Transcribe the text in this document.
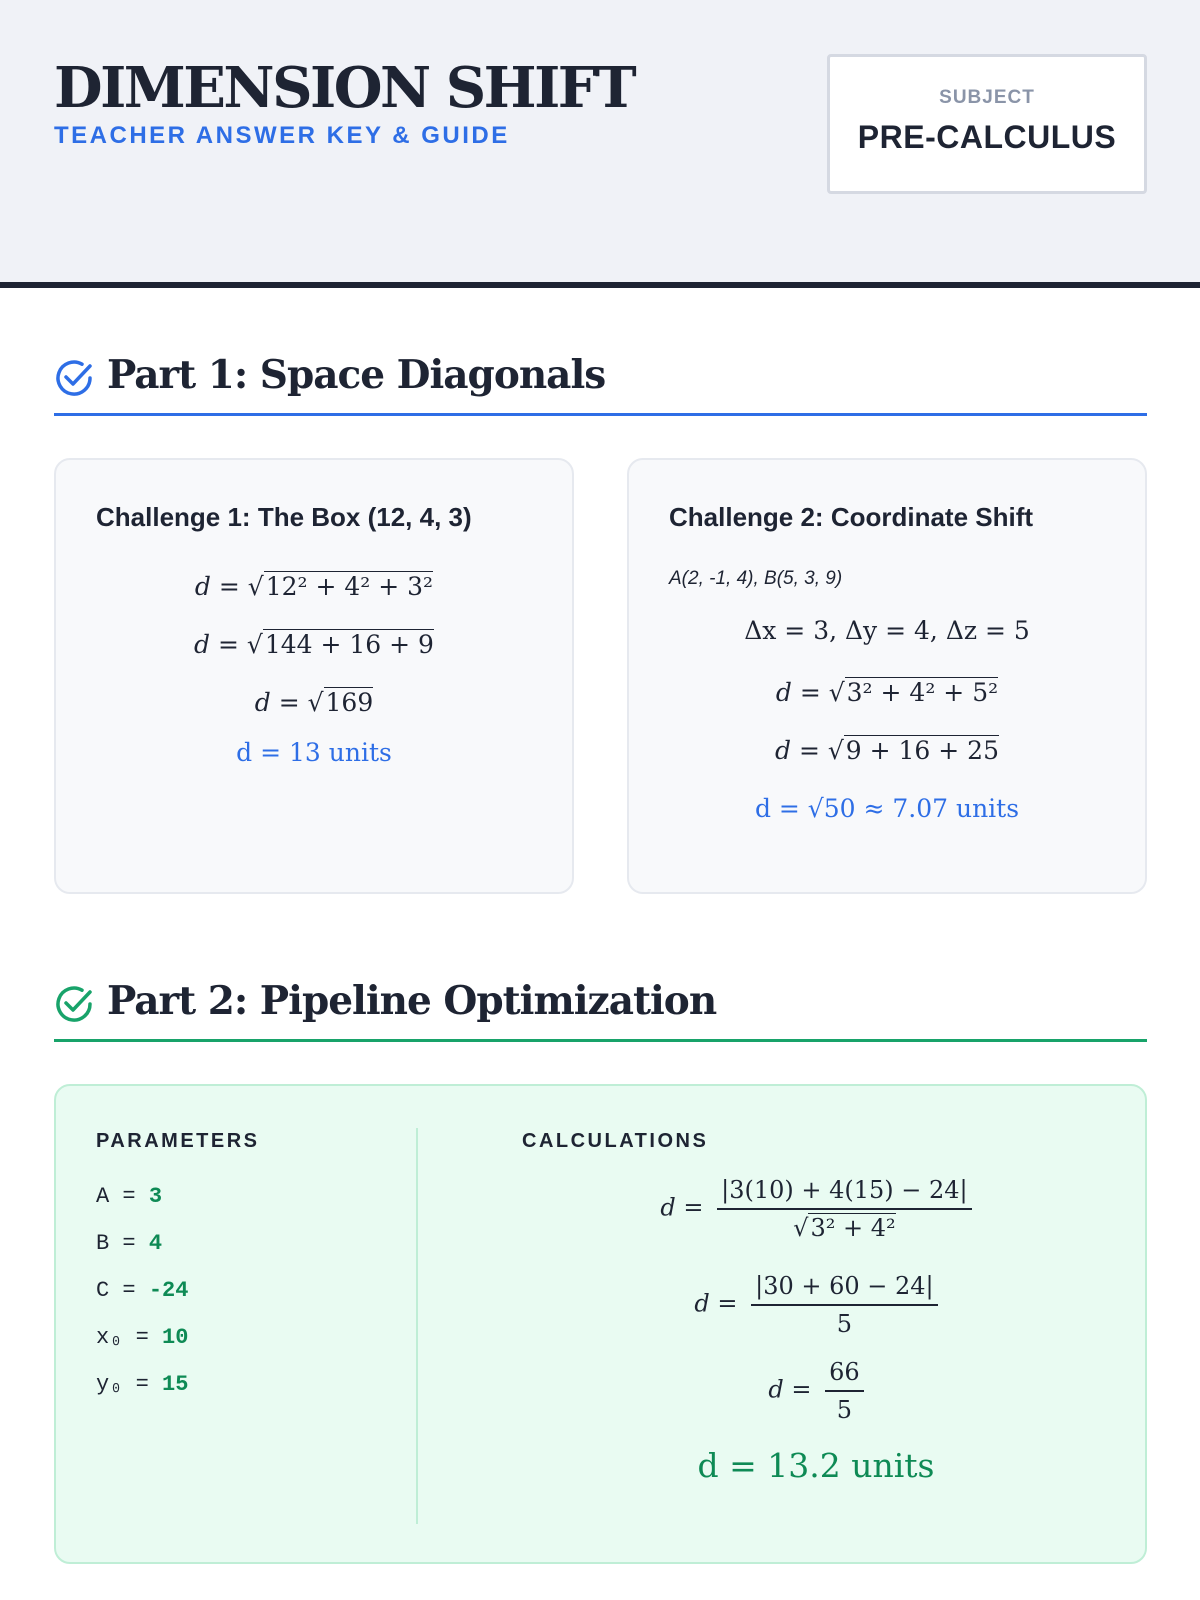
DIMENSION SHIFT
TEACHER ANSWER KEY & GUIDE
SUBJECT
PRE-CALCULUS
Part 1: Space Diagonals
Challenge 1: The Box (12, 4, 3)
d = √12² + 4² + 3²
d = √144 + 16 + 9
d = √169
d = 13 units
Challenge 2: Coordinate Shift
A(2, -1, 4), B(5, 3, 9)
Δx = 3, Δy = 4, Δz = 5
d = √3² + 4² + 5²
d = √9 + 16 + 25
d = √50 ≈ 7.07 units
Part 2: Pipeline Optimization
PARAMETERS	CALCULATIONS
A = 3
B = 4
C = -24
x₀ = 10
y₀ = 15
$d = \frac{|3(10) + 4(15) - 24|}{\text{√3² + 4²}}$
$d = \frac{|30 + 60 - 24|}{5}$
$d = \frac{66}{5}$
d = 13.2 units
